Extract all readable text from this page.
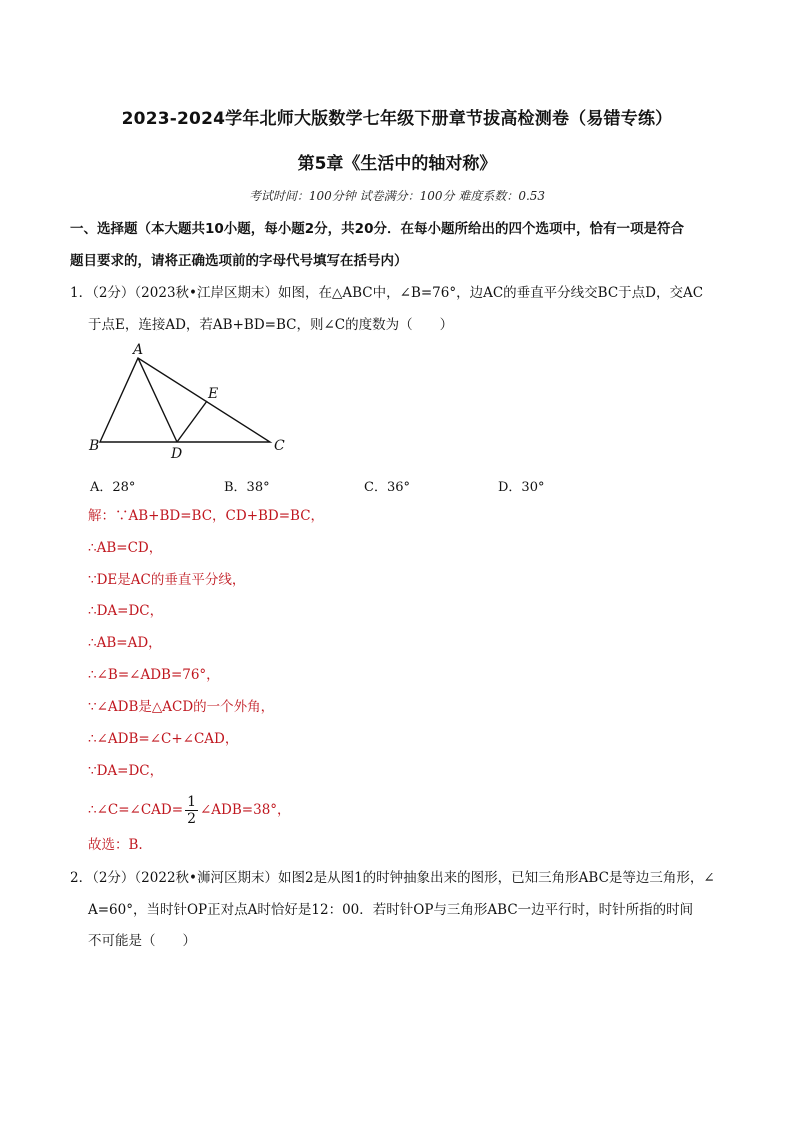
2023-2024学年北师大版数学七年级下册章节拔高检测卷（易错专练）
第5章《生活中的轴对称》
考试时间：100分钟 试卷满分：100分 难度系数：0.53
一、选择题（本大题共10小题，每小题2分，共20分．在每小题所给出的四个选项中，恰有一项是符合
题目要求的，请将正确选项前的字母代号填写在括号内）
1．（2分）（2023秋•江岸区期末）如图，在△ABC中，∠B=76°，边AC的垂直平分线交BC于点D，交AC
于点E，连接AD，若AB+BD=BC，则∠C的度数为（　　）
A
B	C
D
E
A．28°	B．38°	C．36°	D．30°
解：∵AB+BD=BC，CD+BD=BC，
∴AB=CD，
∵DE是AC的垂直平分线，
∴DA=DC，
∴AB=AD，
∴∠B=∠ADB=76°，
∵∠ADB是△ACD的一个外角，
∴∠ADB=∠C+∠CAD，
∵DA=DC，
∴∠C=∠CAD= $\frac{1}{2}$ ∠ADB=38°，
故选：B.
2．（2分）（2022秋•浉河区期末）如图2是从图1的时钟抽象出来的图形，已知三角形ABC是等边三角形，∠
A=60°，当时针OP正对点A时恰好是12：00．若时针OP与三角形ABC一边平行时，时针所指的时间
不可能是（　　）
